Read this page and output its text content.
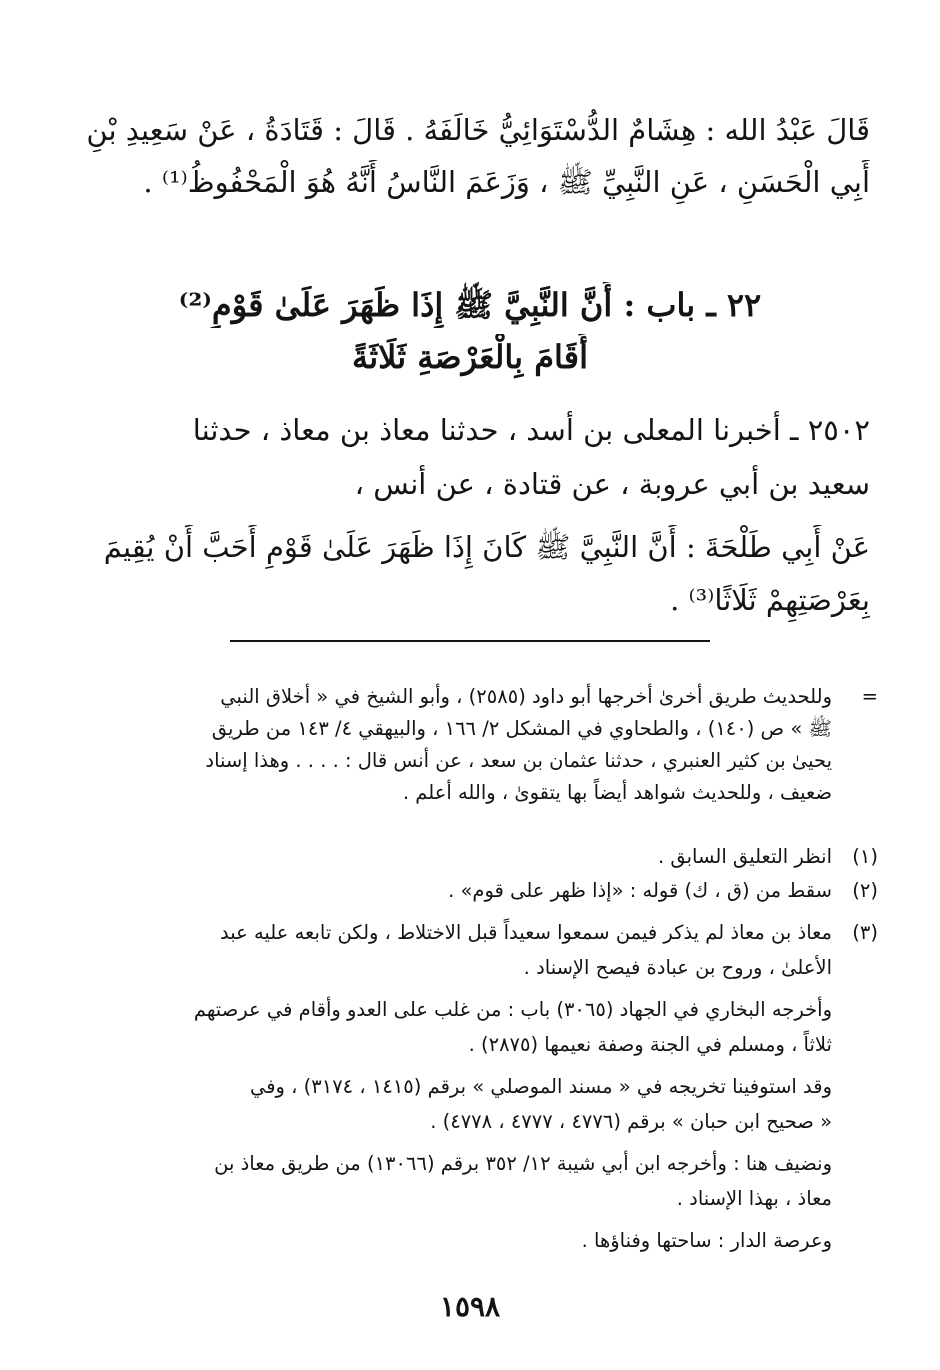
قَالَ عَبْدُ الله : هِشَامٌ الدُّسْتَوَائِيُّ خَالَفَهُ . قَالَ : قَتَادَةُ ، عَنْ سَعِيدِ بْنِ
أَبِي الْحَسَنِ ، عَنِ النَّبِيِّ ﷺ ، وَزَعَمَ النَّاسُ أَنَّهُ هُوَ الْمَحْفُوظُ⁽¹⁾ .
٢٢ ـ باب : أَنَّ النَّبِيَّ ﷺ إِذَا ظَهَرَ عَلَىٰ قَوْمٍ⁽²⁾
أَقَامَ بِالْعَرْصَةِ ثَلَاثَةً
٢٥٠٢ ـ أخبرنا المعلى بن أسد ، حدثنا معاذ بن معاذ ، حدثنا
سعيد بن أبي عروبة ، عن قتادة ، عن أنس ،
عَنْ أَبِي طَلْحَةَ : أَنَّ النَّبِيَّ ﷺ كَانَ إِذَا ظَهَرَ عَلَىٰ قَوْمٍ أَحَبَّ أَنْ يُقِيمَ
بِعَرْصَتِهِمْ ثَلَاثًا⁽³⁾ .
=
وللحديث طريق أخرىٰ أخرجها أبو داود (٢٥٨٥) ، وأبو الشيخ في « أخلاق النبي
ﷺ » ص (١٤٠) ، والطحاوي في المشكل ٢/ ١٦٦ ، والبيهقي ٤/ ١٤٣ من طريق
يحيىٰ بن كثير العنبري ، حدثنا عثمان بن سعد ، عن أنس قال : . . . . وهذا إسناد
ضعيف ، وللحديث شواهد أيضاً بها يتقوىٰ ، والله أعلم .
(١)
انظر التعليق السابق .
(٢)
سقط من (ق ، ك) قوله : «إذا ظهر على قوم» .
(٣)
معاذ بن معاذ لم يذكر فيمن سمعوا سعيداً قبل الاختلاط ، ولكن تابعه عليه عبد
الأعلىٰ ، وروح بن عبادة فيصح الإسناد .
وأخرجه البخاري في الجهاد (٣٠٦٥) باب : من غلب على العدو وأقام في عرصتهم
ثلاثاً ، ومسلم في الجنة وصفة نعيمها (٢٨٧٥) .
وقد استوفينا تخريجه في « مسند الموصلي » برقم (١٤١٥ ، ٣١٧٤) ، وفي
« صحيح ابن حبان » برقم (٤٧٧٦ ، ٤٧٧٧ ، ٤٧٧٨) .
ونضيف هنا : وأخرجه ابن أبي شيبة ١٢/ ٣٥٢ برقم (١٣٠٦٦) من طريق معاذ بن
معاذ ، بهذا الإسناد .
وعرصة الدار : ساحتها وفناؤها .
١٥٩٨
